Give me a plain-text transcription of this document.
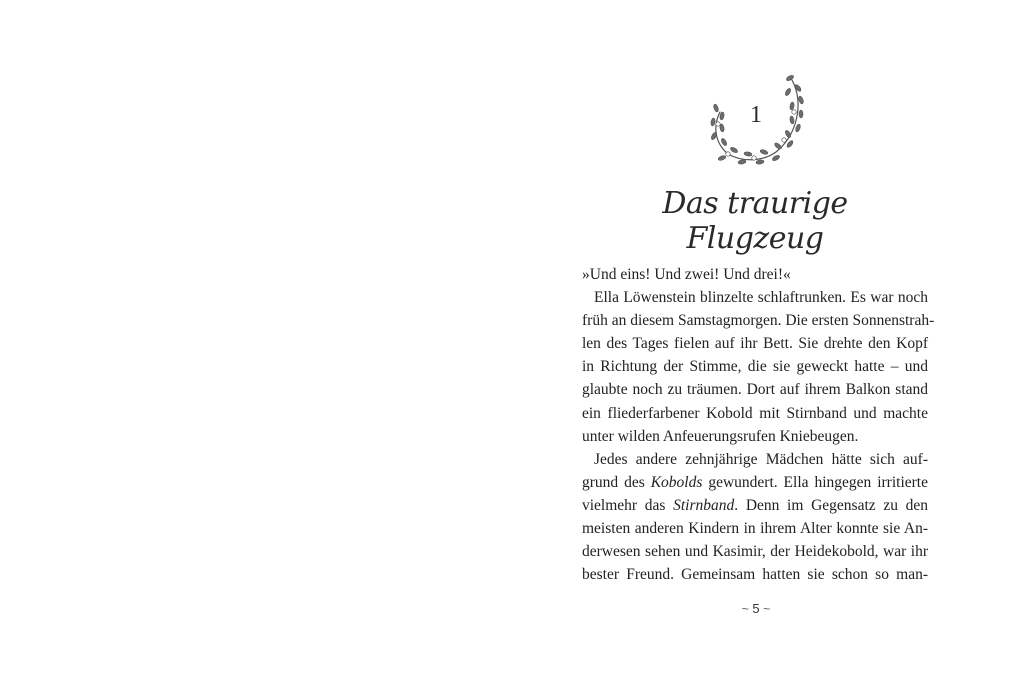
1
Das traurige Flugzeug
»Und eins! Und zwei! Und drei!«
Ella Löwenstein blinzelte schlaftrunken. Es war noch
früh an diesem Samstagmorgen. Die ersten Sonnenstrah-
len des Tages fielen auf ihr Bett. Sie drehte den Kopf
in Richtung der Stimme, die sie geweckt hatte – und
glaubte noch zu träumen. Dort auf ihrem Balkon stand
ein fliederfarbener Kobold mit Stirnband und machte
unter wilden Anfeuerungsrufen Kniebeugen.
Jedes andere zehnjährige Mädchen hätte sich auf-
grund des Kobolds gewundert. Ella hingegen irritierte
vielmehr das Stirnband. Denn im Gegensatz zu den
meisten anderen Kindern in ihrem Alter konnte sie An-
derwesen sehen und Kasimir, der Heidekobold, war ihr
bester Freund. Gemeinsam hatten sie schon so man-
~ 5 ~
